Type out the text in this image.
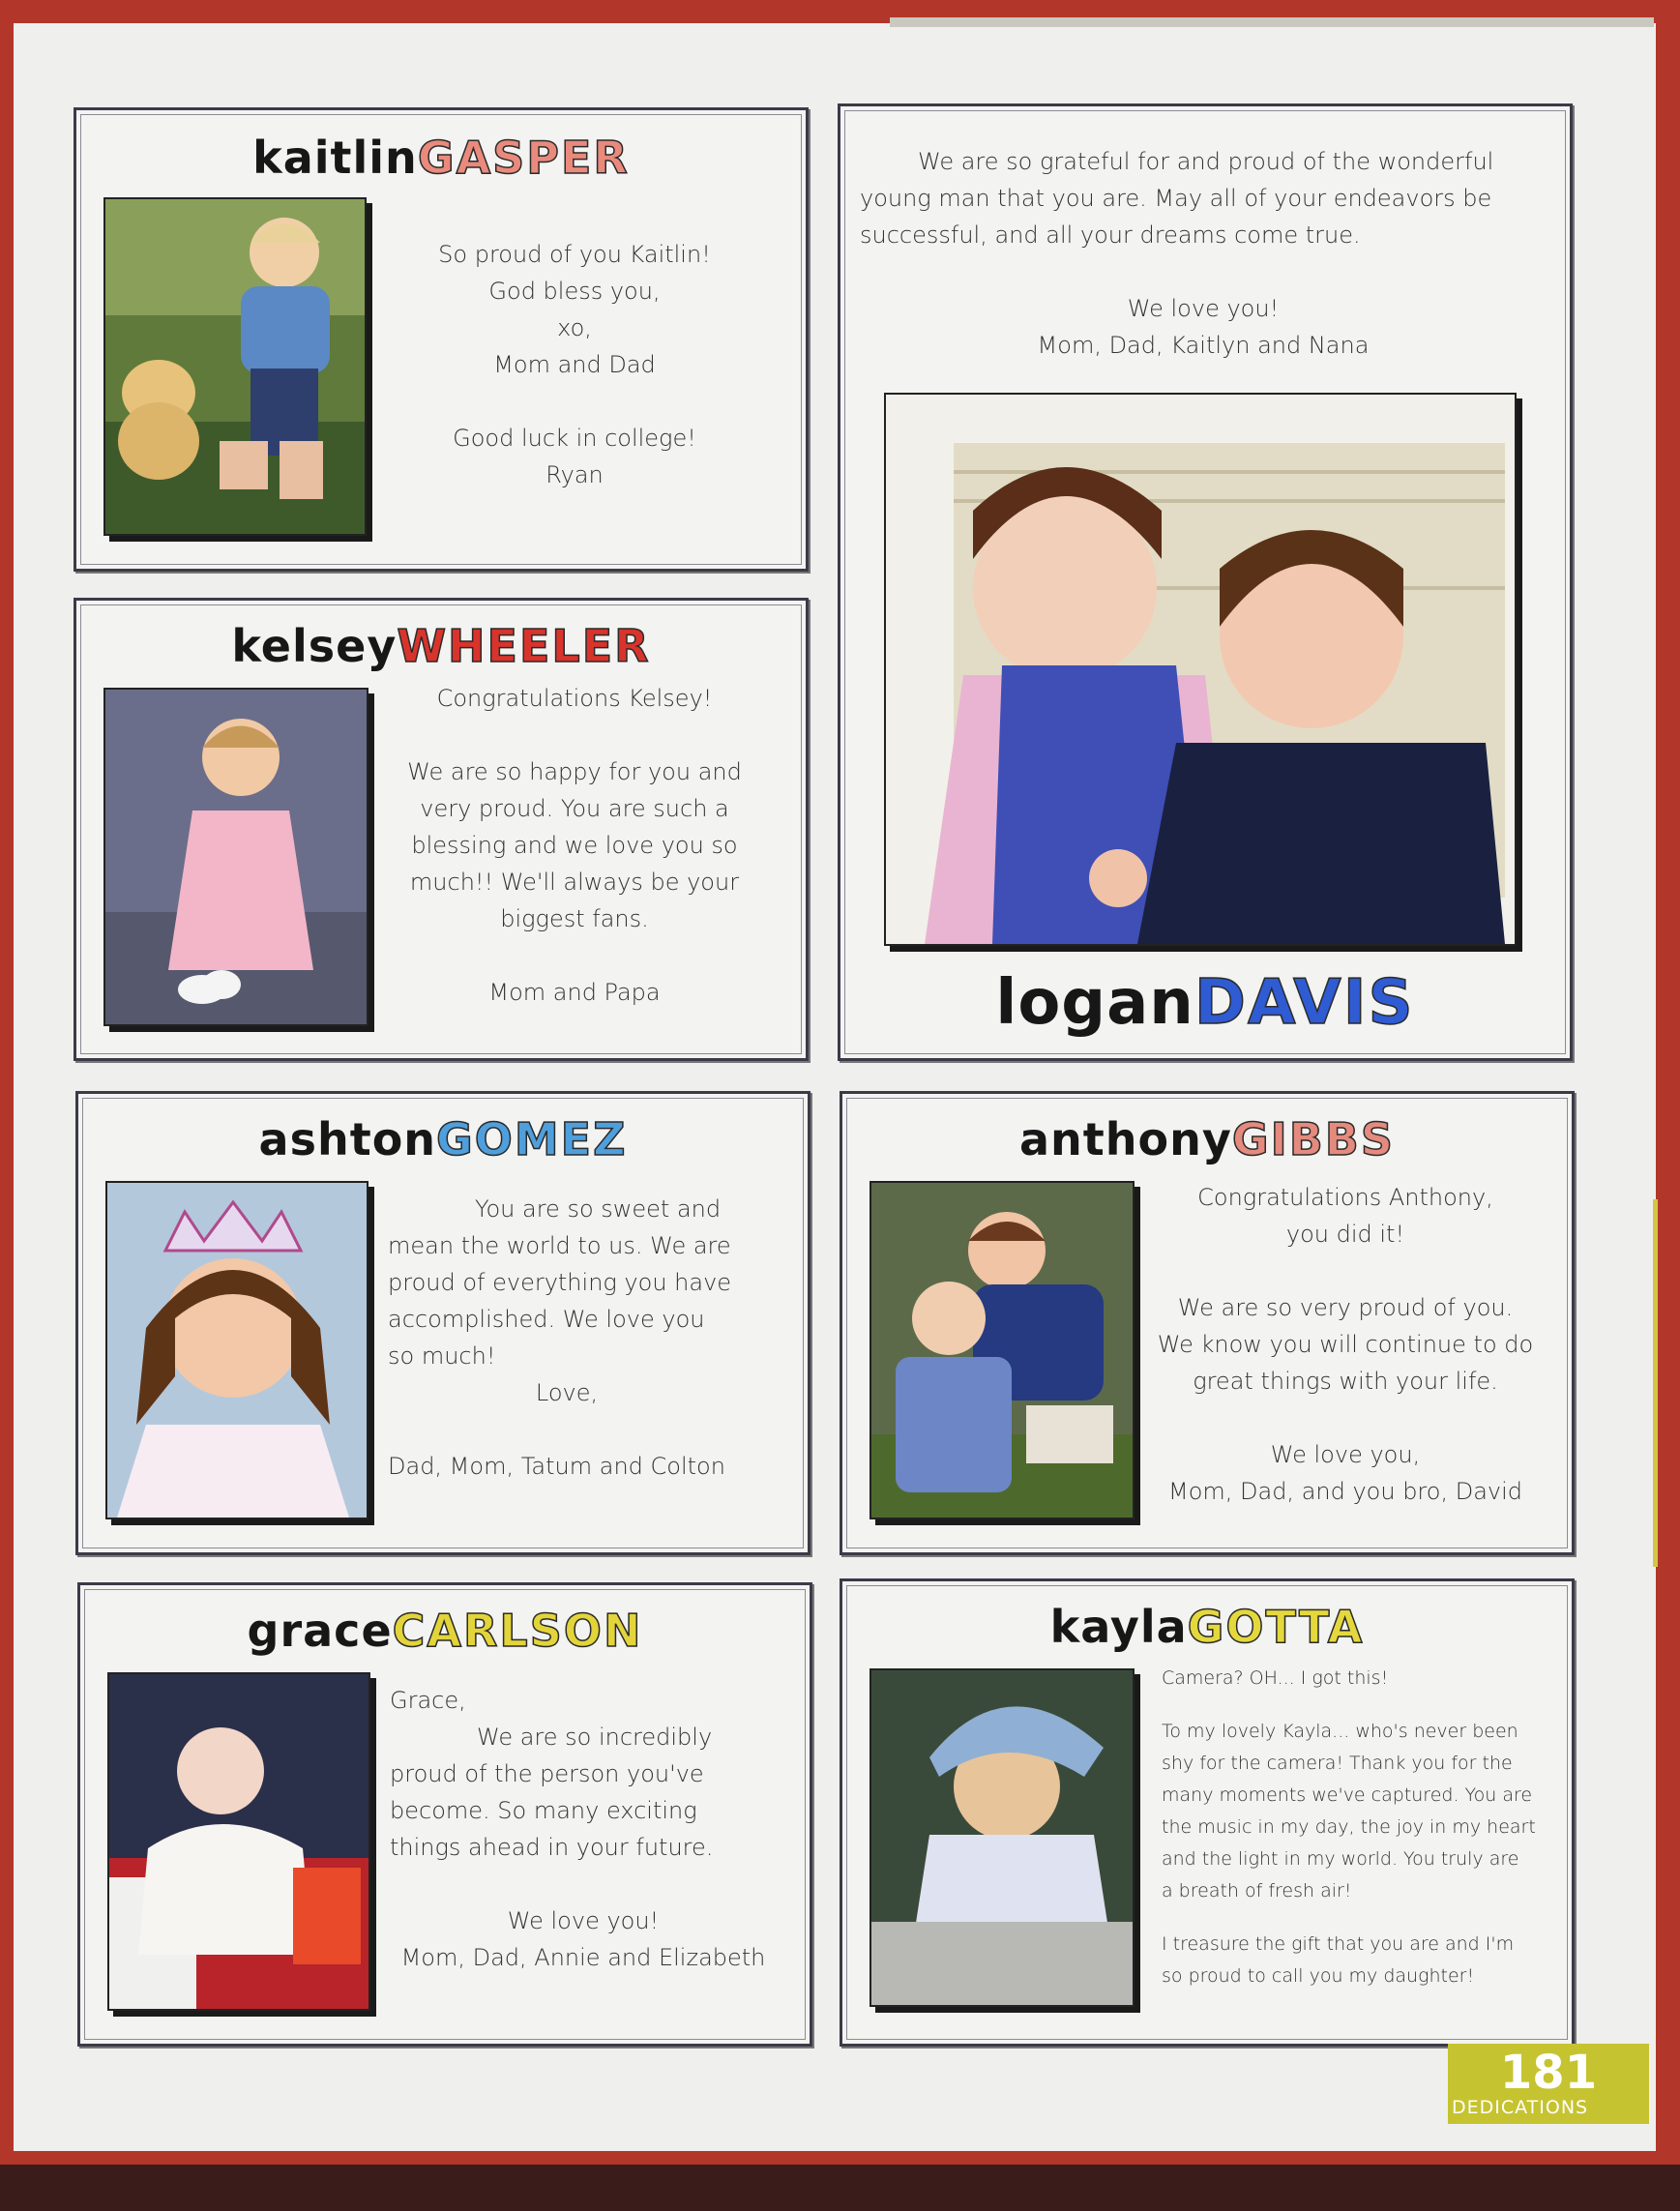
kaitlinGASPER

So proud of you Kaitlin!

God bless you,

xo,

Mom and Dad

Good luck in college!

Ryan

kelseyWHEELER

Congratulations Kelsey!

We are so happy for you and

very proud. You are such a

blessing and we love you so

much!! We'll always be your

biggest fans.

Mom and Papa

We are so grateful for and proud of the wonderful

young man that you are. May all of your endeavors be

successful, and all your dreams come true.

We love you!

Mom, Dad, Kaitlyn and Nana

loganDAVIS
ashtonGOMEZ

You are so sweet and

mean the world to us. We are

proud of everything you have

accomplished. We love you

so much!

Love,

Dad, Mom, Tatum and Colton

anthonyGIBBS

Congratulations Anthony,

you did it!

We are so very proud of you.

We know you will continue to do

great things with your life.

We love you,

Mom, Dad, and you bro, David

graceCARLSON

Grace,

We are so incredibly

proud of the person you've

become. So many exciting

things ahead in your future.

We love you!

Mom, Dad, Annie and Elizabeth

kaylaGOTTA

Camera? OH... I got this!

To my lovely Kayla... who's never been

shy for the camera! Thank you for the

many moments we've captured. You are

the music in my day, the joy in my heart

and the light in my world. You truly are

a breath of fresh air!

I treasure the gift that you are and I'm

so proud to call you my daughter!

181
DEDICATIONS
